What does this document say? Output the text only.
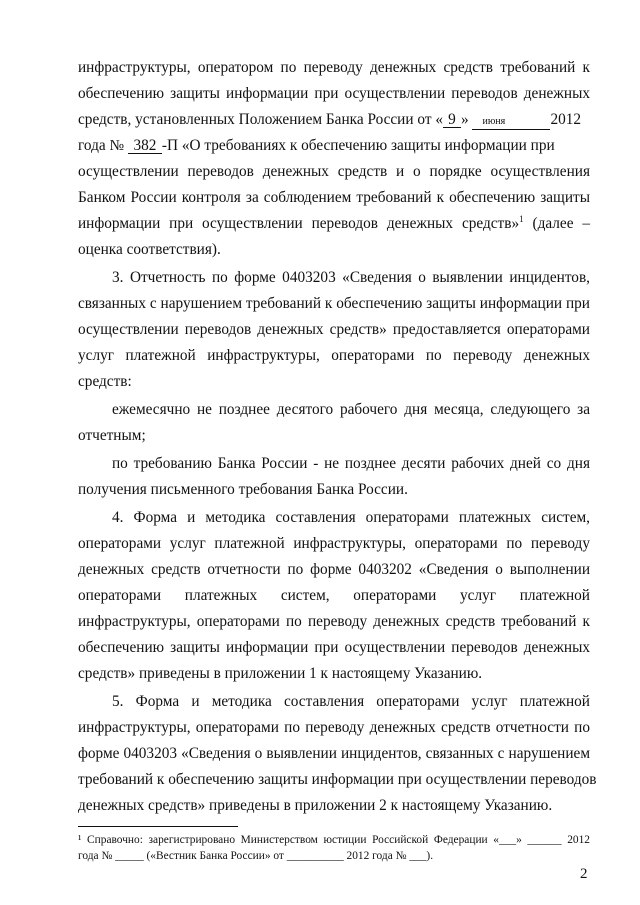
инфраструктуры, оператором по переводу денежных средств требований к
обеспечению защиты информации при осуществлении переводов денежных
средств, установленных Положением Банка России от « 9 » июня	2012
года № 382 -П «О требованиях к обеспечению защиты информации при
осуществлении переводов денежных средств и о порядке осуществления
Банком России контроля за соблюдением требований к обеспечению защиты
информации при осуществлении переводов денежных средств»$^1$ (далее –
оценка соответствия).
3. Отчетность по форме 0403203 «Сведения о выявлении инцидентов,
связанных с нарушением требований к обеспечению защиты информации при
осуществлении переводов денежных средств» предоставляется операторами
услуг платежной инфраструктуры, операторами по переводу денежных
средств:
ежемесячно не позднее десятого рабочего дня месяца, следующего за
отчетным;
по требованию Банка России - не позднее десяти рабочих дней со дня
получения письменного требования Банка России.
4. Форма и методика составления операторами платежных систем,
операторами услуг платежной инфраструктуры, операторами по переводу
денежных средств отчетности по форме 0403202 «Сведения о выполнении
операторами платежных систем, операторами услуг платежной
инфраструктуры, операторами по переводу денежных средств требований к
обеспечению защиты информации при осуществлении переводов денежных
средств» приведены в приложении 1 к настоящему Указанию.
5. Форма и методика составления операторами услуг платежной
инфраструктуры, операторами по переводу денежных средств отчетности по
форме 0403203 «Сведения о выявлении инцидентов, связанных с нарушением
требований к обеспечению защиты информации при осуществлении переводов
денежных средств» приведены в приложении 2 к настоящему Указанию.
¹ Справочно: зарегистрировано Министерством юстиции Российской Федерации «___» ______ 2012
года № _____ («Вестник Банка России» от __________ 2012 года № ___).
2
